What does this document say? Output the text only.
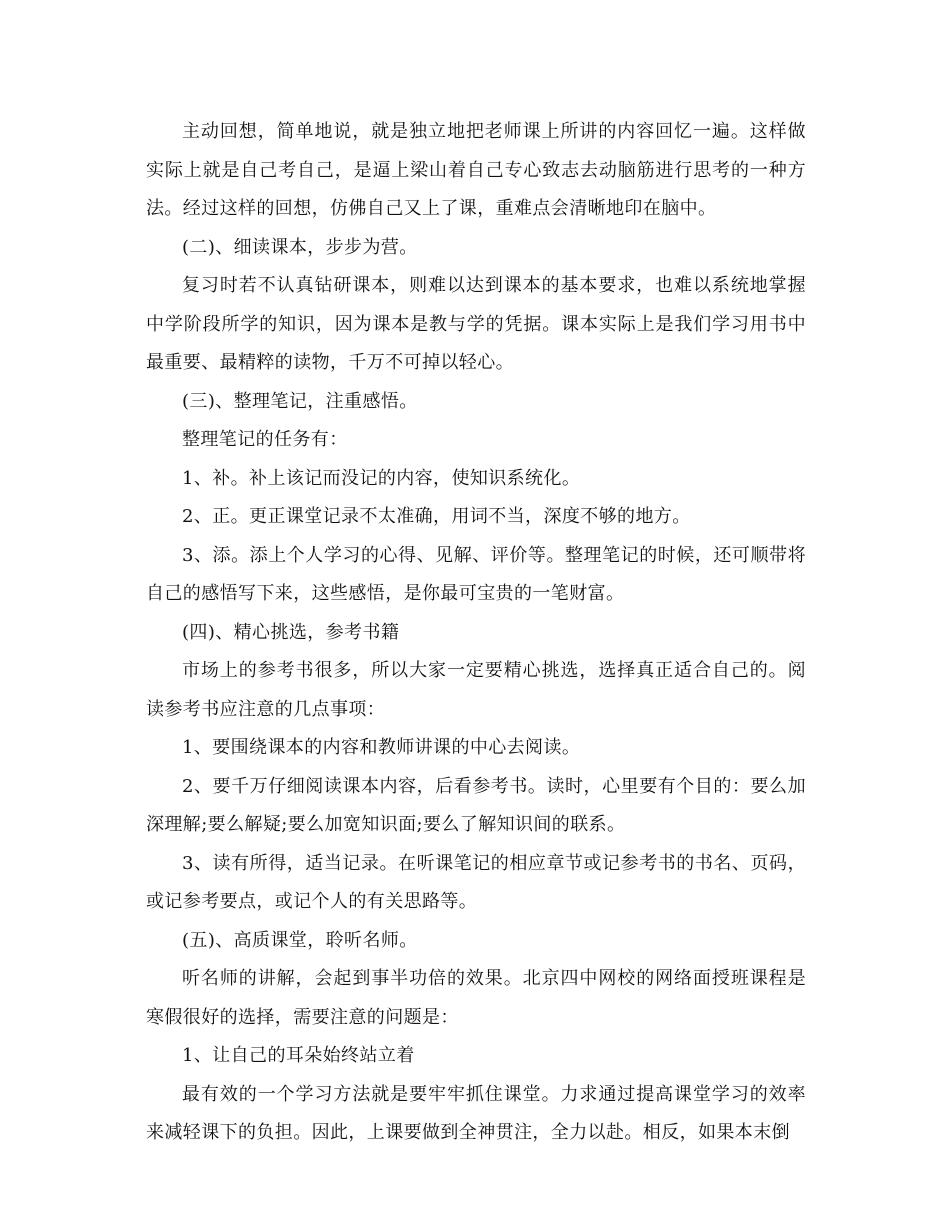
主动回想，简单地说，就是独立地把老师课上所讲的内容回忆一遍。这样做实际上就是自己考自己，是逼上梁山着自己专心致志去动脑筋进行思考的一种方法。经过这样的回想，仿佛自己又上了课，重难点会清晰地印在脑中。

(二)、细读课本，步步为营。

复习时若不认真钻研课本，则难以达到课本的基本要求，也难以系统地掌握中学阶段所学的知识，因为课本是教与学的凭据。课本实际上是我们学习用书中最重要、最精粹的读物，千万不可掉以轻心。

(三)、整理笔记，注重感悟。

整理笔记的任务有：

1、补。补上该记而没记的内容，使知识系统化。

2、正。更正课堂记录不太准确，用词不当，深度不够的地方。

3、添。添上个人学习的心得、见解、评价等。整理笔记的时候，还可顺带将自己的感悟写下来，这些感悟，是你最可宝贵的一笔财富。

(四)、精心挑选，参考书籍

市场上的参考书很多，所以大家一定要精心挑选，选择真正适合自己的。阅读参考书应注意的几点事项：

1、要围绕课本的内容和教师讲课的中心去阅读。

2、要千万仔细阅读课本内容，后看参考书。读时，心里要有个目的：要么加深理解;要么解疑;要么加宽知识面;要么了解知识间的联系。

3、读有所得，适当记录。在听课笔记的相应章节或记参考书的书名、页码，或记参考要点，或记个人的有关思路等。

(五)、高质课堂，聆听名师。

听名师的讲解，会起到事半功倍的效果。北京四中网校的网络面授班课程是寒假很好的选择，需要注意的问题是：

1、让自己的耳朵始终站立着

最有效的一个学习方法就是要牢牢抓住课堂。力求通过提高课堂学习的效率来减轻课下的负担。因此，上课要做到全神贯注，全力以赴。相反，如果本末倒
